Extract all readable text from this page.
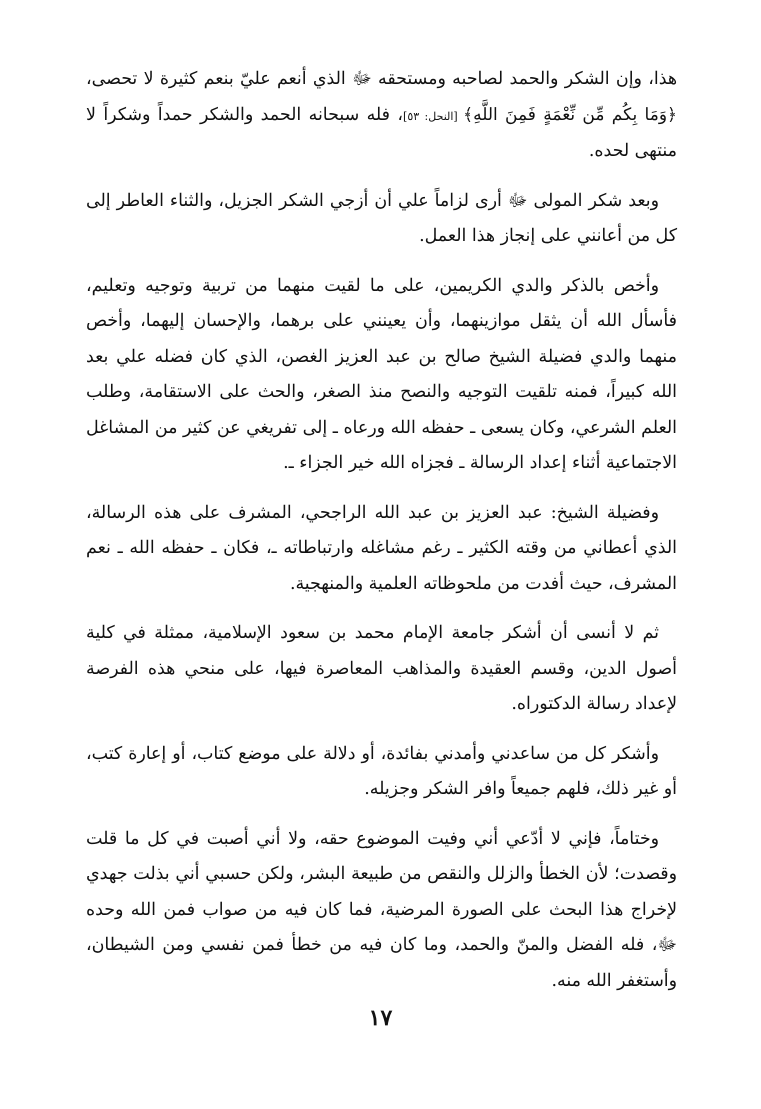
هذا، وإن الشكر والحمد لصاحبه ومستحقه ﷻ الذي أنعم عليّ بنعم كثيرة لا تحصى، ﴿وَمَا بِكُم مِّن نِّعْمَةٍ فَمِنَ اللَّهِ﴾ [النحل: ٥٣]، فله سبحانه الحمد والشكر حمداً وشكراً لا منتهى لحده.

وبعد شكر المولى ﷻ أرى لزاماً علي أن أزجي الشكر الجزيل، والثناء العاطر إلى كل من أعانني على إنجاز هذا العمل.

وأخص بالذكر والدي الكريمين، على ما لقيت منهما من تربية وتوجيه وتعليم، فأسأل الله أن يثقل موازينهما، وأن يعينني على برهما، والإحسان إليهما، وأخص منهما والدي فضيلة الشيخ صالح بن عبد العزيز الغصن، الذي كان فضله علي بعد الله كبيراً، فمنه تلقيت التوجيه والنصح منذ الصغر، والحث على الاستقامة، وطلب العلم الشرعي، وكان يسعى ـ حفظه الله ورعاه ـ إلى تفريغي عن كثير من المشاغل الاجتماعية أثناء إعداد الرسالة ـ فجزاه الله خير الجزاء ـ.

وفضيلة الشيخ: عبد العزيز بن عبد الله الراجحي، المشرف على هذه الرسالة، الذي أعطاني من وقته الكثير ـ رغم مشاغله وارتباطاته ـ، فكان ـ حفظه الله ـ نعم المشرف، حيث أفدت من ملحوظاته العلمية والمنهجية.

ثم لا أنسى أن أشكر جامعة الإمام محمد بن سعود الإسلامية، ممثلة في كلية أصول الدين، وقسم العقيدة والمذاهب المعاصرة فيها، على منحي هذه الفرصة لإعداد رسالة الدكتوراه.

وأشكر كل من ساعدني وأمدني بفائدة، أو دلالة على موضع كتاب، أو إعارة كتب، أو غير ذلك، فلهم جميعاً وافر الشكر وجزيله.

وختاماً، فإني لا أدّعي أني وفيت الموضوع حقه، ولا أني أصبت في كل ما قلت وقصدت؛ لأن الخطأ والزلل والنقص من طبيعة البشر، ولكن حسبي أني بذلت جهدي لإخراج هذا البحث على الصورة المرضية، فما كان فيه من صواب فمن الله وحده ﷻ، فله الفضل والمنّ والحمد، وما كان فيه من خطأ فمن نفسي ومن الشيطان، وأستغفر الله منه.

١٧
